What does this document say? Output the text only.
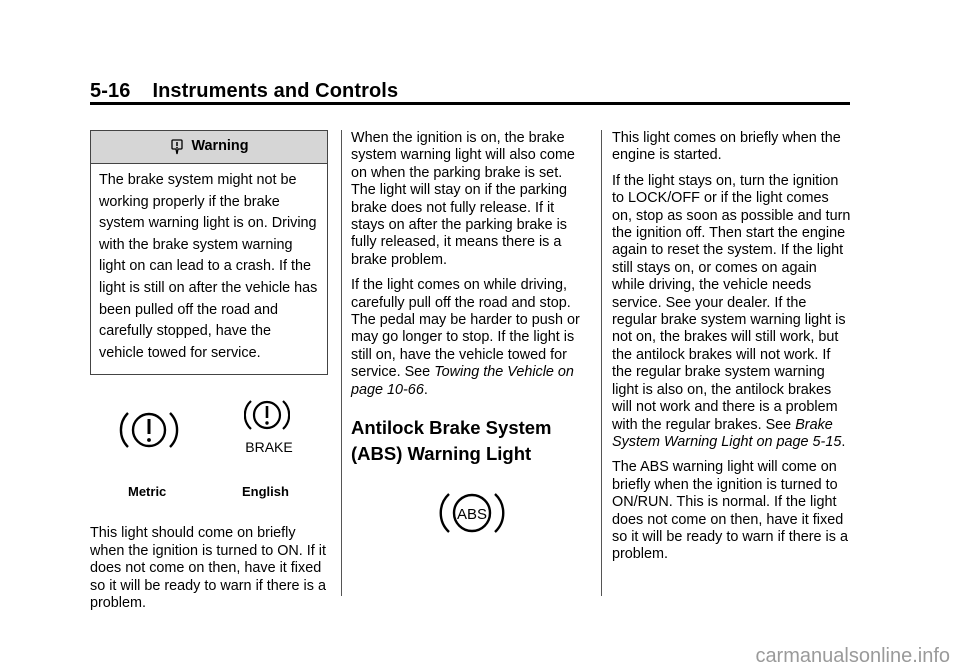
5-16 Instruments and Controls
Warning
The brake system might not be working properly if the brake system warning light is on. Driving with the brake system warning light on can lead to a crash. If the light is still on after the vehicle has been pulled off the road and carefully stopped, have the vehicle towed for service.
BRAKE
Metric	English

This light should come on briefly when the ignition is turned to ON. If it does not come on then, have it fixed so it will be ready to warn if there is a problem.

When the ignition is on, the brake system warning light will also come on when the parking brake is set. The light will stay on if the parking brake does not fully release. If it stays on after the parking brake is fully released, it means there is a brake problem.

If the light comes on while driving, carefully pull off the road and stop. The pedal may be harder to push or may go longer to stop. If the light is still on, have the vehicle towed for service. See Towing the Vehicle on page 10-66.

Antilock Brake System
(ABS) Warning Light
ABS

This light comes on briefly when the engine is started.

If the light stays on, turn the ignition to LOCK/OFF or if the light comes on, stop as soon as possible and turn the ignition off. Then start the engine again to reset the system. If the light still stays on, or comes on again while driving, the vehicle needs service. See your dealer. If the regular brake system warning light is not on, the brakes will still work, but the antilock brakes will not work. If the regular brake system warning light is also on, the antilock brakes will not work and there is a problem with the regular brakes. See Brake System Warning Light on page 5-15.

The ABS warning light will come on briefly when the ignition is turned to ON/RUN. This is normal. If the light does not come on then, have it fixed so it will be ready to warn if there is a problem.

carmanualsonline.info
